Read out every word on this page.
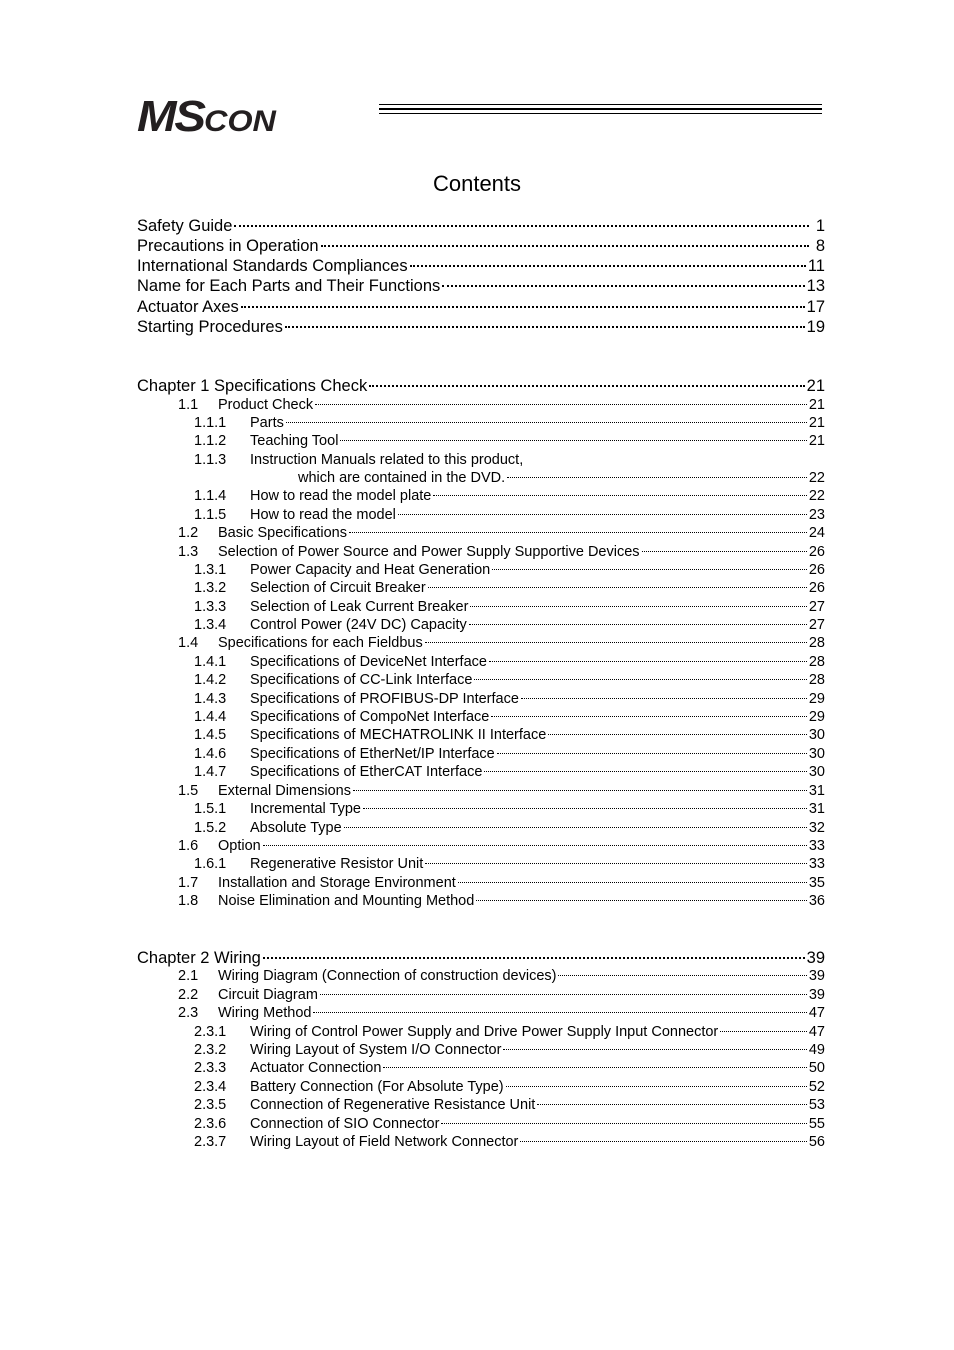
MSCON
Contents
Safety Guide	1
Precautions in Operation	8
International Standards Compliances	11
Name for Each Parts and Their Functions	13
Actuator Axes	17
Starting Procedures	19
Chapter 1 Specifications Check	21
1.1	Product Check	21
1.1.1	Parts	21
1.1.2	Teaching Tool	21
1.1.3 Instruction Manuals related to this product,
which are contained in the DVD.	22
1.1.4	How to read the model plate	22
1.1.5	How to read the model	23
1.2	Basic Specifications	24
1.3	Selection of Power Source and Power Supply Supportive Devices	26
1.3.1	Power Capacity and Heat Generation	26
1.3.2	Selection of Circuit Breaker	26
1.3.3	Selection of Leak Current Breaker	27
1.3.4	Control Power (24V DC) Capacity	27
1.4	Specifications for each Fieldbus	28
1.4.1	Specifications of DeviceNet Interface	28
1.4.2	Specifications of CC-Link Interface	28
1.4.3	Specifications of PROFIBUS-DP Interface	29
1.4.4	Specifications of CompoNet Interface	29
1.4.5	Specifications of MECHATROLINK II Interface	30
1.4.6	Specifications of EtherNet/IP Interface	30
1.4.7	Specifications of EtherCAT Interface	30
1.5	External Dimensions	31
1.5.1	Incremental Type	31
1.5.2	Absolute Type	32
1.6	Option	33
1.6.1	Regenerative Resistor Unit	33
1.7	Installation and Storage Environment	35
1.8	Noise Elimination and Mounting Method	36
Chapter 2 Wiring	39
2.1	Wiring Diagram (Connection of construction devices)	39
2.2	Circuit Diagram	39
2.3	Wiring Method	47
2.3.1	Wiring of Control Power Supply and Drive Power Supply Input Connector	47
2.3.2	Wiring Layout of System I/O Connector	49
2.3.3	Actuator Connection	50
2.3.4	Battery Connection (For Absolute Type)	52
2.3.5	Connection of Regenerative Resistance Unit	53
2.3.6	Connection of SIO Connector	55
2.3.7	Wiring Layout of Field Network Connector	56
